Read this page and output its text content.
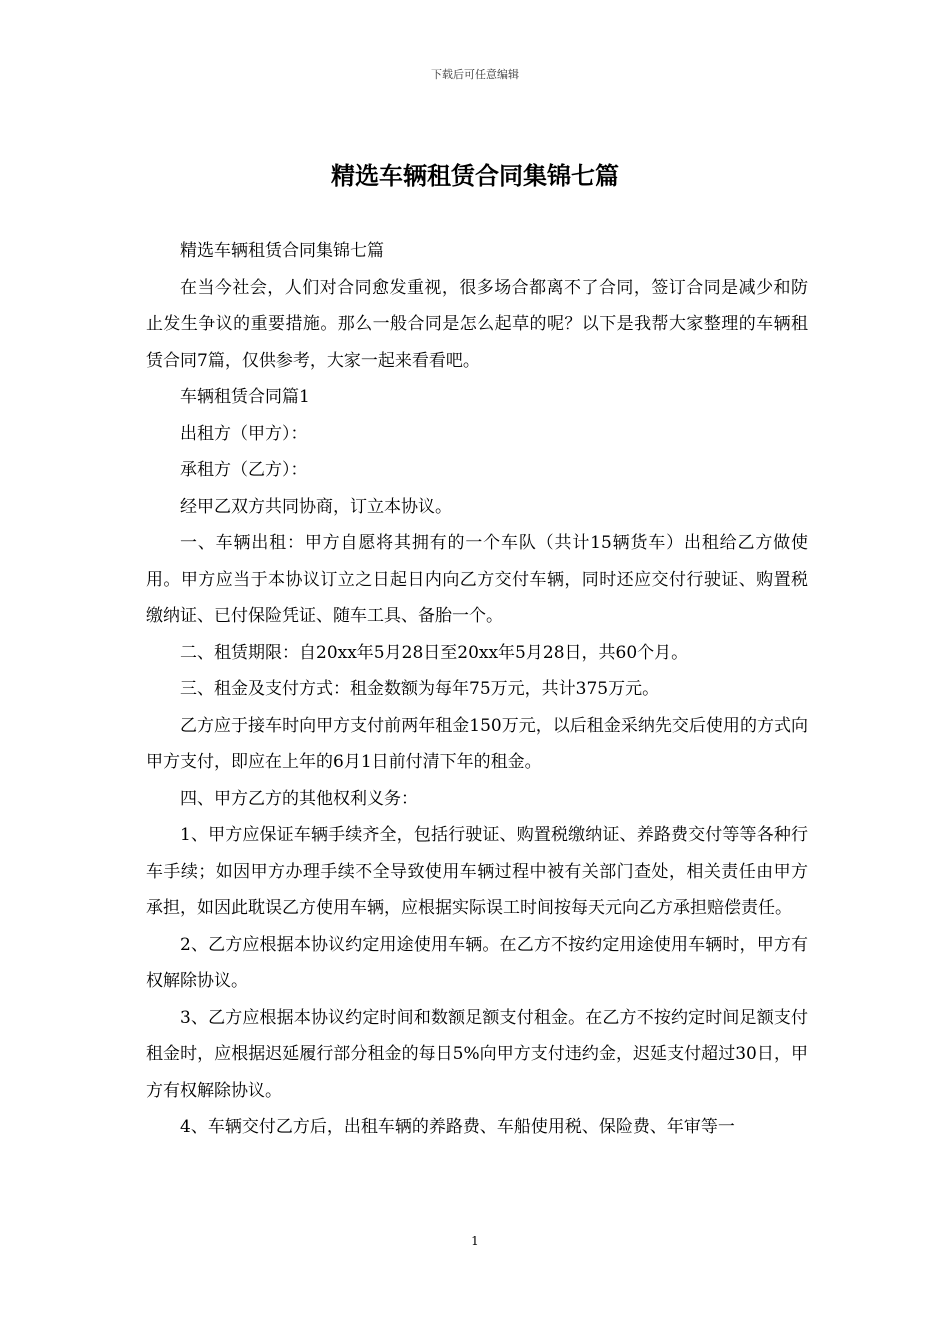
下载后可任意编辑
精选车辆租赁合同集锦七篇

精选车辆租赁合同集锦七篇

在当今社会，人们对合同愈发重视，很多场合都离不了合同，签订合同是减少和防止发生争议的重要措施。那么一般合同是怎么起草的呢？以下是我帮大家整理的车辆租赁合同7篇，仅供参考，大家一起来看看吧。

车辆租赁合同篇1

出租方（甲方）：

承租方（乙方）：

经甲乙双方共同协商，订立本协议。

一、车辆出租：甲方自愿将其拥有的一个车队（共计15辆货车）出租给乙方做使用。甲方应当于本协议订立之日起日内向乙方交付车辆，同时还应交付行驶证、购置税缴纳证、已付保险凭证、随车工具、备胎一个。

二、租赁期限：自20xx年5月28日至20xx年5月28日，共60个月。

三、租金及支付方式：租金数额为每年75万元，共计375万元。

乙方应于接车时向甲方支付前两年租金150万元，以后租金采纳先交后使用的方式向甲方支付，即应在上年的6月1日前付清下年的租金。

四、甲方乙方的其他权利义务：

1、甲方应保证车辆手续齐全，包括行驶证、购置税缴纳证、养路费交付等等各种行车手续；如因甲方办理手续不全导致使用车辆过程中被有关部门查处，相关责任由甲方承担，如因此耽误乙方使用车辆，应根据实际误工时间按每天元向乙方承担赔偿责任。

2、乙方应根据本协议约定用途使用车辆。在乙方不按约定用途使用车辆时，甲方有权解除协议。

3、乙方应根据本协议约定时间和数额足额支付租金。在乙方不按约定时间足额支付租金时，应根据迟延履行部分租金的每日5%向甲方支付违约金，迟延支付超过30日，甲方有权解除协议。

4、车辆交付乙方后，出租车辆的养路费、车船使用税、保险费、年审等一

1
